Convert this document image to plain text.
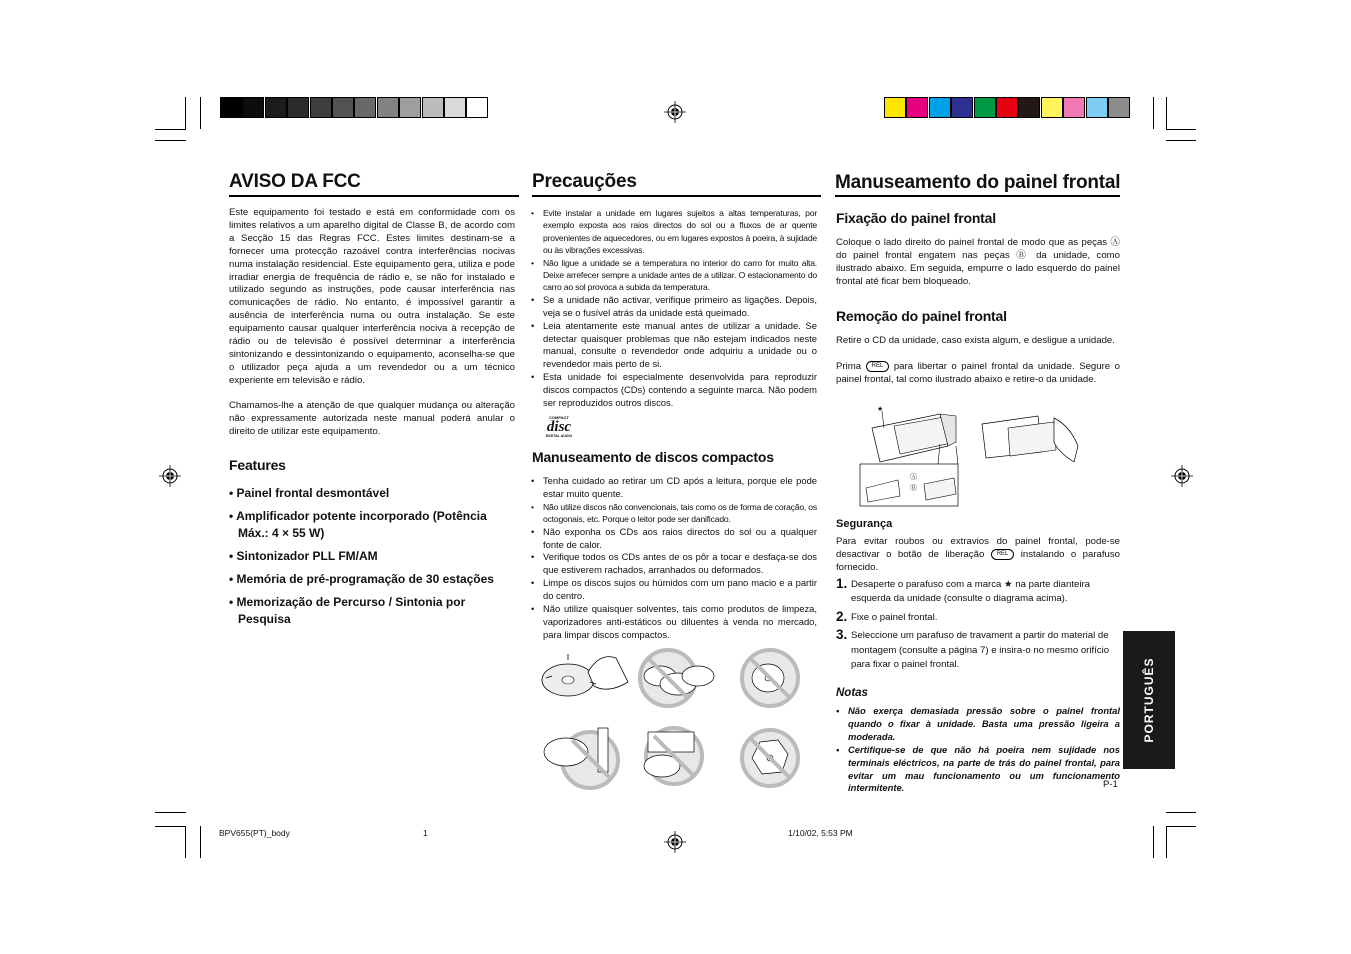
AVISO DA FCC
Este equipamento foi testado e está em conformidade com os limites relativos a um aparelho digital de Classe B, de acordo com a Secção 15 das Regras FCC. Estes limites destinam-se a fornecer uma protecção razoável contra interferências nocivas numa instalação residencial. Este equipamento gera, utiliza e pode irradiar energia de frequência de rádio e, se não for instalado e utilizado segundo as instruções, pode causar interferência nas comunicações de rádio. No entanto, é impossível garantir a ausência de interferência numa ou outra instalação. Se este equipamento causar qualquer interferência nociva à recepção de rádio ou de televisão é possível determinar a interferência sintonizando e dessintonizando o equipamento, aconselha-se que o utilizador peça ajuda a um revendedor ou a um técnico experiente em televisão e rádio.
Chamamos-lhe a atenção de que qualquer mudança ou alteração não expressamente autorizada neste manual poderá anular o direito de utilizar este equipamento.
Features
• Painel frontal desmontável
• Amplificador potente incorporado (Potência Máx.: 4 × 55 W)
• Sintonizador PLL FM/AM
• Memória de pré-programação de 30 estações
• Memorização de Percurso / Sintonia por Pesquisa
Precauções
• Evite instalar a unidade em lugares sujeitos a altas temperaturas, por exemplo exposta aos raios directos do sol ou a fluxos de ar quente provenientes de aquecedores, ou em lugares expostos à poeira, à sujidade ou às vibrações excessivas.
• Não ligue a unidade se a temperatura no interior do carro for muito alta. Deixe arrefecer sempre a unidade antes de a utilizar. O estacionamento do carro ao sol provoca a subida da temperatura.
• Se a unidade não activar, verifique primeiro as ligações. Depois, veja se o fusível atrás da unidade está queimado.
• Leia atentamente este manual antes de utilizar a unidade. Se detectar quaisquer problemas que não estejam indicados neste manual, consulte o revendedor onde adquiriu a unidade ou o revendedor mais perto de si.
• Esta unidade foi especialmente desenvolvida para reproduzir discos compactos (CDs) contendo a seguinte marca. Não podem ser reproduzidos outros discos.
COMPACT
disc
DIGITAL AUDIO
Manuseamento de discos compactos
• Tenha cuidado ao retirar um CD após a leitura, porque ele pode estar muito quente.
• Não utilize discos não convencionais, tais como os de forma de coração, os octogonais, etc. Porque o leitor pode ser danificado.
• Não exponha os CDs aos raios directos do sol ou a qualquer fonte de calor.
• Verifique todos os CDs antes de os pôr a tocar e desfaça-se dos que estiverem rachados, arranhados ou deformados.
• Limpe os discos sujos ou húmidos com um pano macio e a partir do centro.
• Não utilize quaisquer solventes, tais como produtos de limpeza, vaporizadores anti-estáticos ou diluentes à venda no mercado, para limpar discos compactos.
Manuseamento do painel frontal
Fixação do painel frontal
Coloque o lado direito do painel frontal de modo que as peças Ⓐ do painel frontal engatem nas peças Ⓑ da unidade, como ilustrado abaixo. Em seguida, empurre o lado esquerdo do painel frontal até ficar bem bloqueado.
Remoção do painel frontal
Retire o CD da unidade, caso exista algum, e desligue a unidade.
Prima REL para libertar o painel frontal da unidade. Segure o painel frontal, tal como ilustrado abaixo e retire-o da unidade.
★
Ⓐ
Ⓑ
Segurança
Para evitar roubos ou extravios do painel frontal, pode-se desactivar o botão de liberação REL instalando o parafuso fornecido.
1. Desaperte o parafuso com a marca ★ na parte dianteira esquerda da unidade (consulte o diagrama acima).
2. Fixe o painel frontal.
3. Seleccione um parafuso de travament a partir do material de montagem (consulte a página 7) e insira-o no mesmo orifício para fixar o painel frontal.
Notas
• Não exerça demasiada pressão sobre o painel frontal quando o fixar à unidade. Basta uma pressão ligeira a moderada.
• Certifique-se de que não há poeira nem sujidade nos terminais eléctricos, na parte de trás do painel frontal, para evitar um mau funcionamento ou um funcionamento intermitente.	P-1
PORTUGUÊS
BPV655(PT)_body	1	1/10/02, 5:53 PM
